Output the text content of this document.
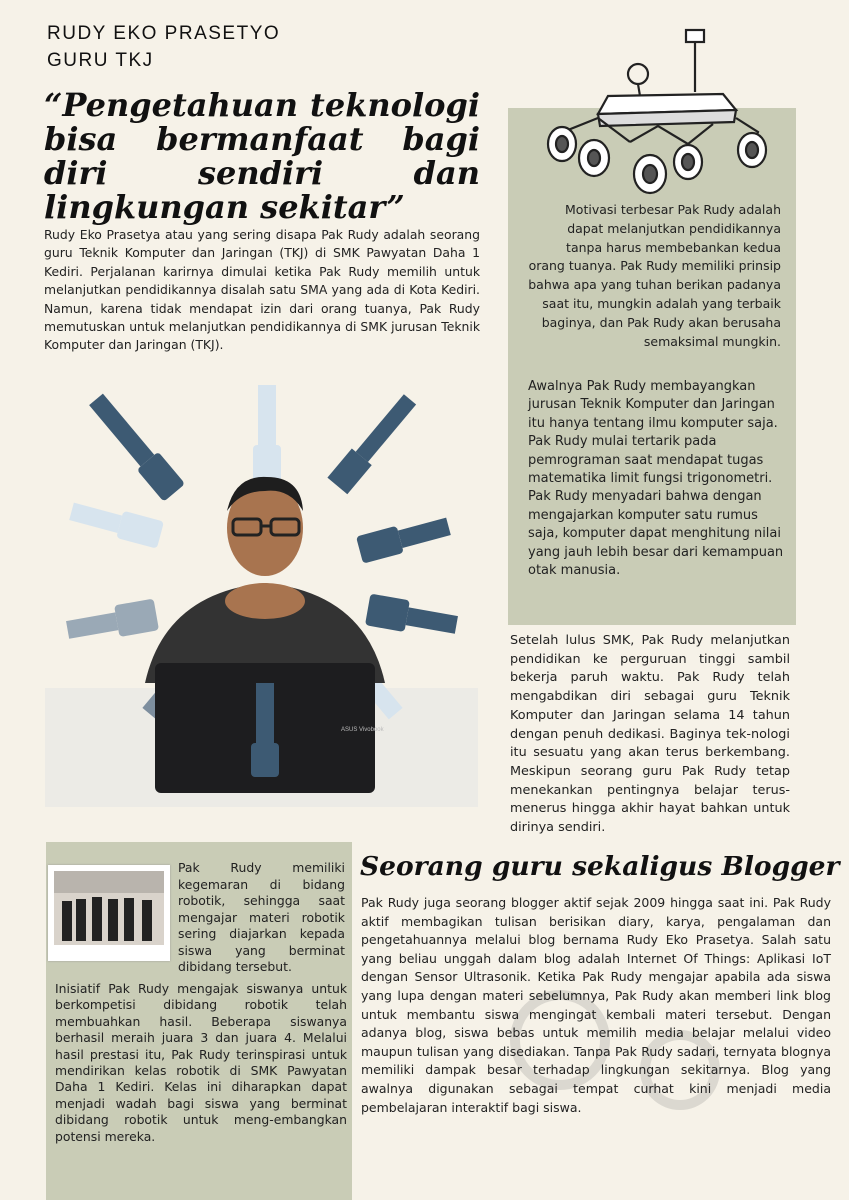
RUDY EKO PRASETYO
GURU TKJ
“Pengetahuan teknologi bisa bermanfaat bagi diri sendiri dan lingkungan sekitar”
Rudy Eko Prasetya atau yang sering disapa Pak Rudy adalah seorang guru Teknik Komputer dan Jaringan (TKJ) di SMK Pawyatan Daha 1 Kediri. Perjalanan karirnya dimulai ketika Pak Rudy memilih untuk melanjutkan pendidikannya disalah satu SMA yang ada di Kota Kediri. Namun, karena tidak mendapat izin dari orang tuanya, Pak Rudy memutuskan untuk melanjutkan pendidikannya di SMK jurusan Teknik Komputer dan Jaringan (TKJ).
Motivasi terbesar Pak Rudy adalah dapat melanjutkan pendidikannya tanpa harus membebankan kedua orang tuanya. Pak Rudy memiliki prinsip bahwa apa yang tuhan berikan padanya saat itu, mungkin adalah yang terbaik baginya, dan Pak Rudy akan berusaha semaksimal mungkin.
Awalnya Pak Rudy membayangkan jurusan Teknik Komputer dan Jaringan itu hanya tentang ilmu komputer saja. Pak Rudy mulai tertarik pada pemrograman saat mendapat tugas matematika limit fungsi trigonometri. Pak Rudy menyadari bahwa dengan mengajarkan komputer satu rumus saja, komputer dapat menghitung nilai yang jauh lebih besar dari kemampuan otak manusia.
Setelah lulus SMK, Pak Rudy melanjutkan pendidikan ke perguruan tinggi sambil bekerja paruh waktu. Pak Rudy telah mengabdikan diri sebagai guru Teknik Komputer dan Jaringan selama 14 tahun dengan penuh dedikasi. Baginya tek-nologi itu sesuatu yang akan terus berkembang. Meskipun seorang guru Pak Rudy tetap menekankan pentingnya belajar terus-menerus hingga akhir hayat bahkan untuk dirinya sendiri.
ASUS Vivobook
Pak Rudy memiliki kegemaran di bidang robotik, sehingga saat mengajar materi robotik sering diajarkan kepada siswa yang berminat dibidang tersebut.
Inisiatif Pak Rudy mengajak siswanya untuk berkompetisi dibidang robotik telah membuahkan hasil. Beberapa siswanya berhasil meraih juara 3 dan juara 4. Melalui hasil prestasi itu, Pak Rudy terinspirasi untuk mendirikan kelas robotik di SMK Pawyatan Daha 1 Kediri. Kelas ini diharapkan dapat menjadi wadah bagi siswa yang berminat dibidang robotik untuk meng-embangkan potensi mereka.
Seorang guru sekaligus Blogger
Pak Rudy juga seorang blogger aktif sejak 2009 hingga saat ini. Pak Rudy aktif membagikan tulisan berisikan diary, karya, pengalaman dan pengetahuannya melalui blog bernama Rudy Eko Prasetya. Salah satu yang beliau unggah dalam blog adalah Internet Of Things: Aplikasi IoT dengan Sensor Ultrasonik. Ketika Pak Rudy mengajar apabila ada siswa yang lupa dengan materi sebelumnya, Pak Rudy akan memberi link blog untuk membantu siswa mengingat kembali materi tersebut. Dengan adanya blog, siswa bebas untuk memilih media belajar melalui video maupun tulisan yang disediakan. Tanpa Pak Rudy sadari, ternyata blognya memiliki dampak besar terhadap lingkungan sekitarnya. Blog yang awalnya digunakan sebagai tempat curhat kini menjadi media pembelajaran interaktif bagi siswa.
